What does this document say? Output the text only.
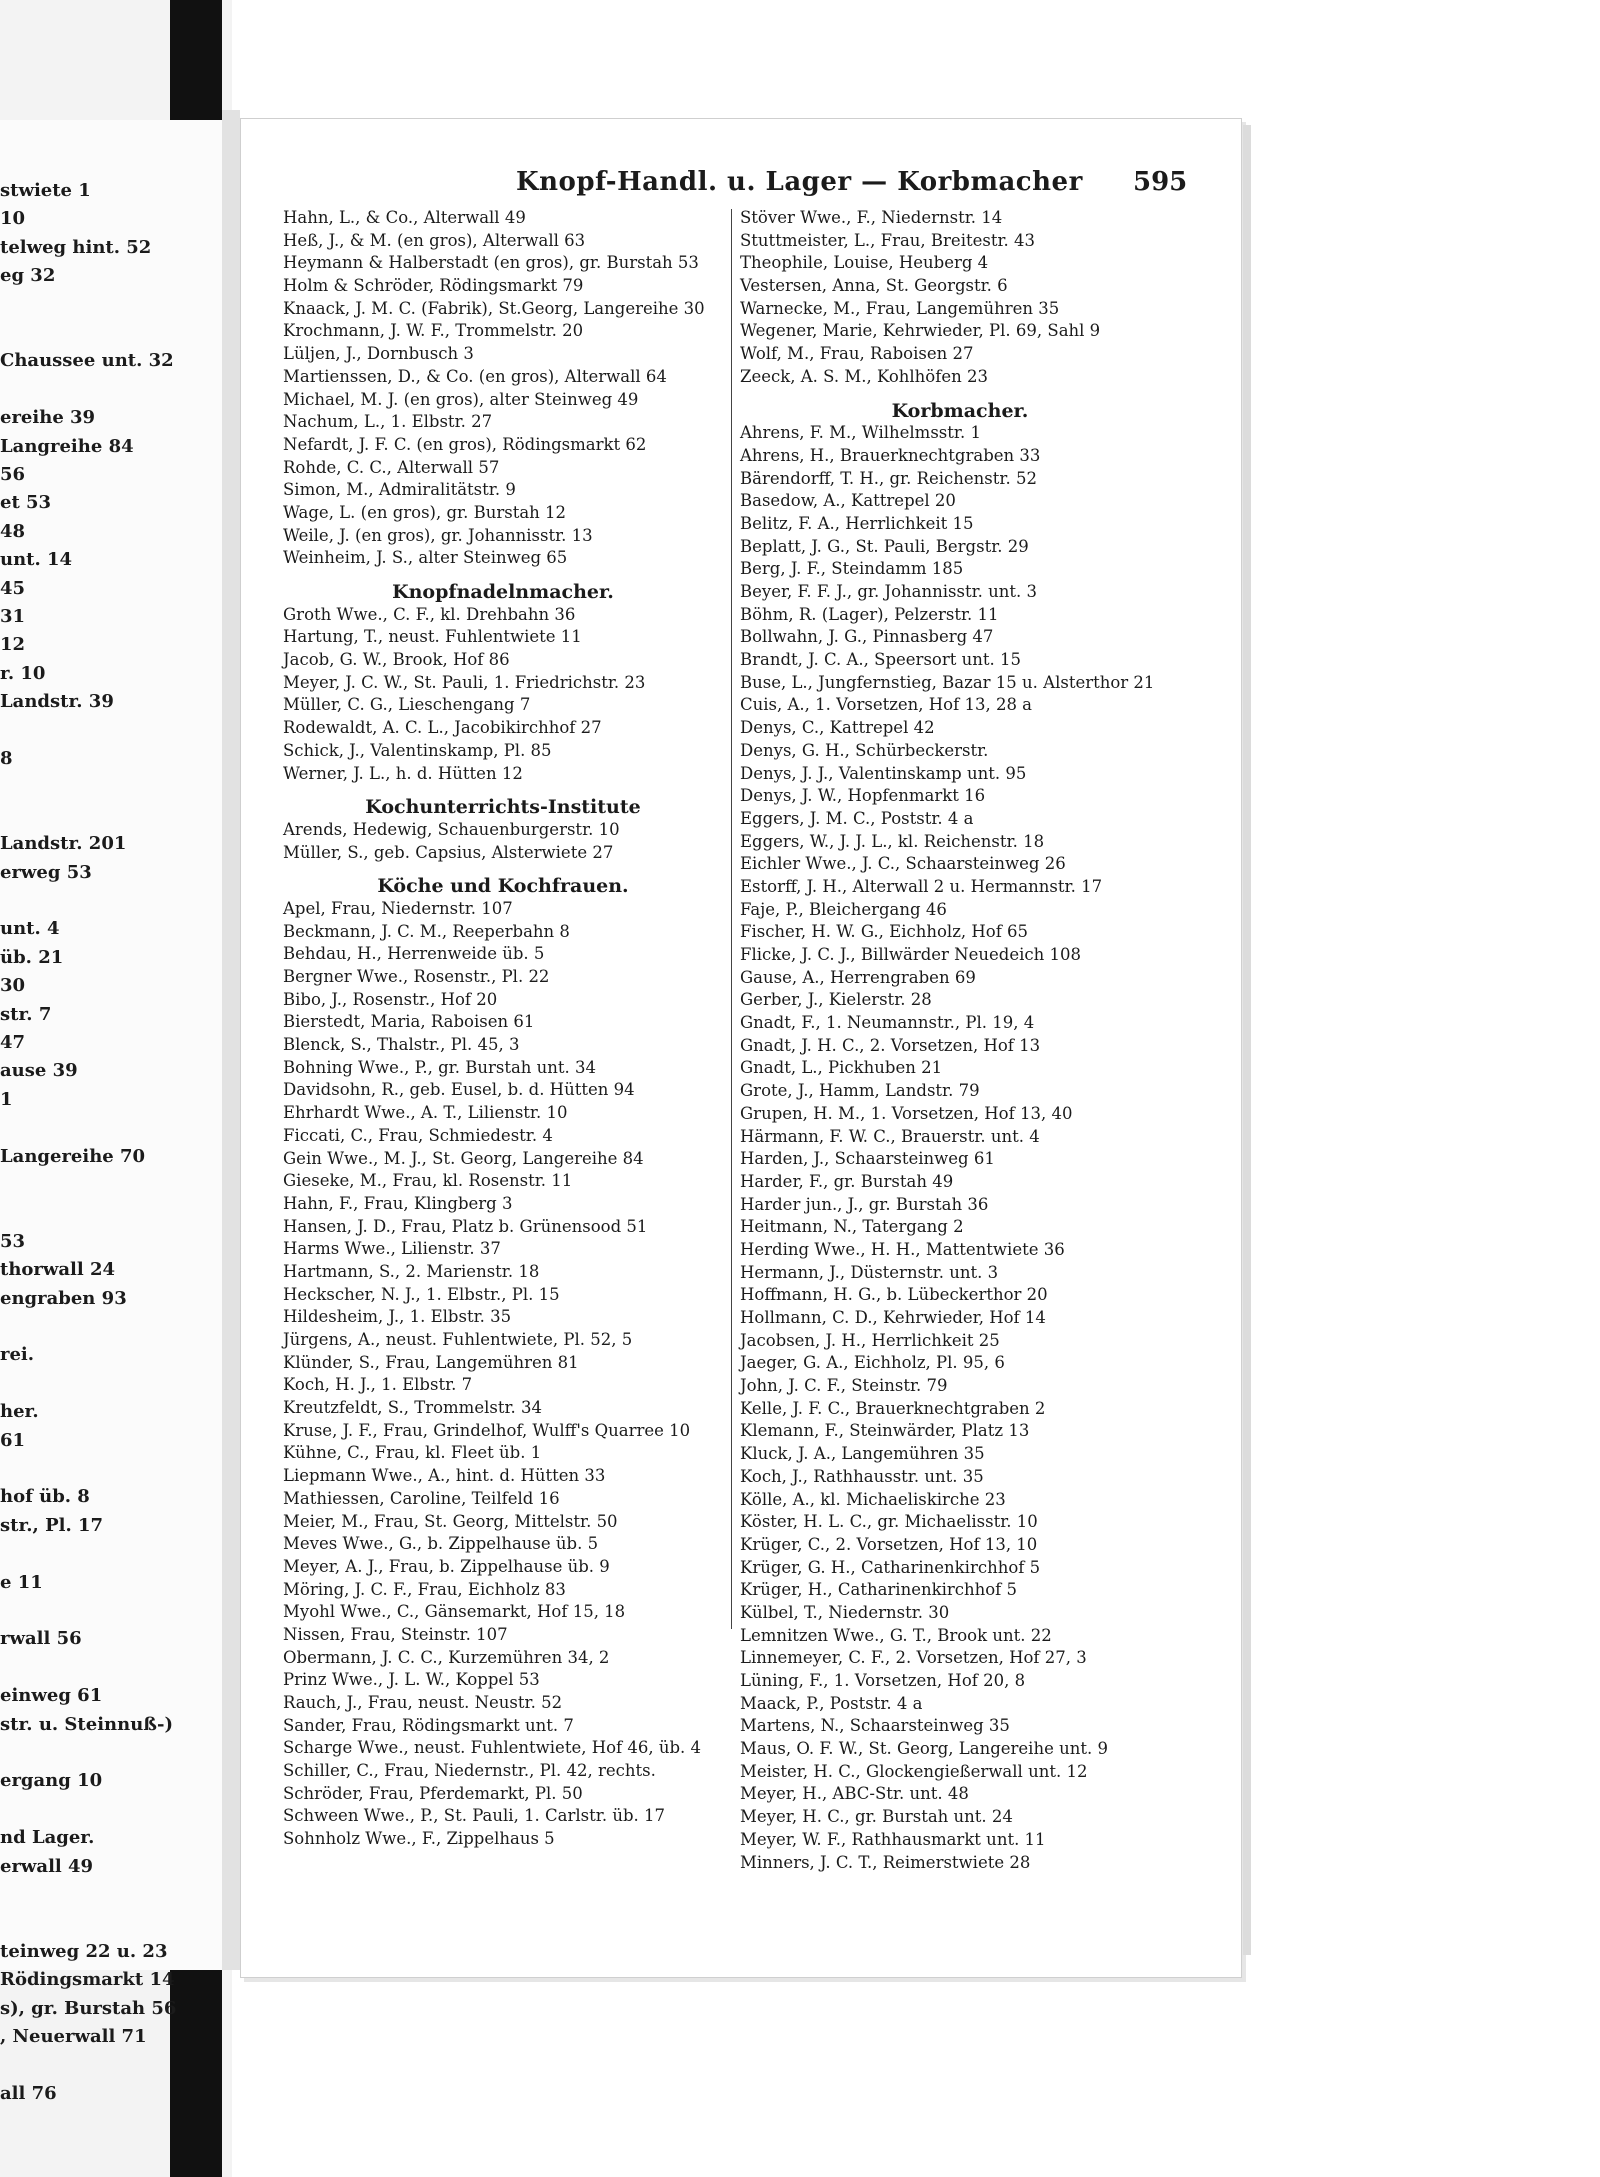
stwiete 1
10
telweg hint. 52
eg 32
Chaussee unt. 32
ereihe 39
Langreihe 84
56
et 53
48
unt. 14
45
31
12
r. 10
Landstr. 39
8
Landstr. 201
erweg 53
unt. 4
üb. 21
30
str. 7
47
ause 39
1
Langereihe 70
53
thorwall 24
engraben 93
rei.
her.
61
hof üb. 8
str., Pl. 17
e 11
rwall 56
einweg 61
str. u. Steinnuß-)
ergang 10
nd Lager.
erwall 49
teinweg 22 u. 23
Rödingsmarkt 14
s), gr. Burstah 56
, Neuerwall 71
all 76
Knopf-Handl. u. Lager — Korbmacher 595
Hahn, L., & Co., Alterwall 49
Heß, J., & M. (en gros), Alterwall 63
Heymann & Halberstadt (en gros), gr. Burstah 53
Holm & Schröder, Rödingsmarkt 79
Knaack, J. M. C. (Fabrik), St.Georg, Langereihe 30
Krochmann, J. W. F., Trommelstr. 20
Lüljen, J., Dornbusch 3
Martienssen, D., & Co. (en gros), Alterwall 64
Michael, M. J. (en gros), alter Steinweg 49
Nachum, L., 1. Elbstr. 27
Nefardt, J. F. C. (en gros), Rödingsmarkt 62
Rohde, C. C., Alterwall 57
Simon, M., Admiralitätstr. 9
Wage, L. (en gros), gr. Burstah 12
Weile, J. (en gros), gr. Johannisstr. 13
Weinheim, J. S., alter Steinweg 65
Knopfnadelnmacher.
Groth Wwe., C. F., kl. Drehbahn 36
Hartung, T., neust. Fuhlentwiete 11
Jacob, G. W., Brook, Hof 86
Meyer, J. C. W., St. Pauli, 1. Friedrichstr. 23
Müller, C. G., Lieschengang 7
Rodewaldt, A. C. L., Jacobikirchhof 27
Schick, J., Valentinskamp, Pl. 85
Werner, J. L., h. d. Hütten 12
Kochunterrichts-Institute
Arends, Hedewig, Schauenburgerstr. 10
Müller, S., geb. Capsius, Alsterwiete 27
Köche und Kochfrauen.
Apel, Frau, Niedernstr. 107
Beckmann, J. C. M., Reeperbahn 8
Behdau, H., Herrenweide üb. 5
Bergner Wwe., Rosenstr., Pl. 22
Bibo, J., Rosenstr., Hof 20
Bierstedt, Maria, Raboisen 61
Blenck, S., Thalstr., Pl. 45, 3
Bohning Wwe., P., gr. Burstah unt. 34
Davidsohn, R., geb. Eusel, b. d. Hütten 94
Ehrhardt Wwe., A. T., Lilienstr. 10
Ficcati, C., Frau, Schmiedestr. 4
Gein Wwe., M. J., St. Georg, Langereihe 84
Gieseke, M., Frau, kl. Rosenstr. 11
Hahn, F., Frau, Klingberg 3
Hansen, J. D., Frau, Platz b. Grünensood 51
Harms Wwe., Lilienstr. 37
Hartmann, S., 2. Marienstr. 18
Heckscher, N. J., 1. Elbstr., Pl. 15
Hildesheim, J., 1. Elbstr. 35
Jürgens, A., neust. Fuhlentwiete, Pl. 52, 5
Klünder, S., Frau, Langemühren 81
Koch, H. J., 1. Elbstr. 7
Kreutzfeldt, S., Trommelstr. 34
Kruse, J. F., Frau, Grindelhof, Wulff's Quarree 10
Kühne, C., Frau, kl. Fleet üb. 1
Liepmann Wwe., A., hint. d. Hütten 33
Mathiessen, Caroline, Teilfeld 16
Meier, M., Frau, St. Georg, Mittelstr. 50
Meves Wwe., G., b. Zippelhause üb. 5
Meyer, A. J., Frau, b. Zippelhause üb. 9
Möring, J. C. F., Frau, Eichholz 83
Myohl Wwe., C., Gänsemarkt, Hof 15, 18
Nissen, Frau, Steinstr. 107
Obermann, J. C. C., Kurzemühren 34, 2
Prinz Wwe., J. L. W., Koppel 53
Rauch, J., Frau, neust. Neustr. 52
Sander, Frau, Rödingsmarkt unt. 7
Scharge Wwe., neust. Fuhlentwiete, Hof 46, üb. 4
Schiller, C., Frau, Niedernstr., Pl. 42, rechts.
Schröder, Frau, Pferdemarkt, Pl. 50
Schween Wwe., P., St. Pauli, 1. Carlstr. üb. 17
Sohnholz Wwe., F., Zippelhaus 5
Stöver Wwe., F., Niedernstr. 14
Stuttmeister, L., Frau, Breitestr. 43
Theophile, Louise, Heuberg 4
Vestersen, Anna, St. Georgstr. 6
Warnecke, M., Frau, Langemühren 35
Wegener, Marie, Kehrwieder, Pl. 69, Sahl 9
Wolf, M., Frau, Raboisen 27
Zeeck, A. S. M., Kohlhöfen 23
Korbmacher.
Ahrens, F. M., Wilhelmsstr. 1
Ahrens, H., Brauerknechtgraben 33
Bärendorff, T. H., gr. Reichenstr. 52
Basedow, A., Kattrepel 20
Belitz, F. A., Herrlichkeit 15
Beplatt, J. G., St. Pauli, Bergstr. 29
Berg, J. F., Steindamm 185
Beyer, F. F. J., gr. Johannisstr. unt. 3
Böhm, R. (Lager), Pelzerstr. 11
Bollwahn, J. G., Pinnasberg 47
Brandt, J. C. A., Speersort unt. 15
Buse, L., Jungfernstieg, Bazar 15 u. Alsterthor 21
Cuis, A., 1. Vorsetzen, Hof 13, 28 a
Denys, C., Kattrepel 42
Denys, G. H., Schürbeckerstr.
Denys, J. J., Valentinskamp unt. 95
Denys, J. W., Hopfenmarkt 16
Eggers, J. M. C., Poststr. 4 a
Eggers, W., J. J. L., kl. Reichenstr. 18
Eichler Wwe., J. C., Schaarsteinweg 26
Estorff, J. H., Alterwall 2 u. Hermannstr. 17
Faje, P., Bleichergang 46
Fischer, H. W. G., Eichholz, Hof 65
Flicke, J. C. J., Billwärder Neuedeich 108
Gause, A., Herrengraben 69
Gerber, J., Kielerstr. 28
Gnadt, F., 1. Neumannstr., Pl. 19, 4
Gnadt, J. H. C., 2. Vorsetzen, Hof 13
Gnadt, L., Pickhuben 21
Grote, J., Hamm, Landstr. 79
Grupen, H. M., 1. Vorsetzen, Hof 13, 40
Härmann, F. W. C., Brauerstr. unt. 4
Harden, J., Schaarsteinweg 61
Harder, F., gr. Burstah 49
Harder jun., J., gr. Burstah 36
Heitmann, N., Tatergang 2
Herding Wwe., H. H., Mattentwiete 36
Hermann, J., Düsternstr. unt. 3
Hoffmann, H. G., b. Lübeckerthor 20
Hollmann, C. D., Kehrwieder, Hof 14
Jacobsen, J. H., Herrlichkeit 25
Jaeger, G. A., Eichholz, Pl. 95, 6
John, J. C. F., Steinstr. 79
Kelle, J. F. C., Brauerknechtgraben 2
Klemann, F., Steinwärder, Platz 13
Kluck, J. A., Langemühren 35
Koch, J., Rathhausstr. unt. 35
Kölle, A., kl. Michaeliskirche 23
Köster, H. L. C., gr. Michaelisstr. 10
Krüger, C., 2. Vorsetzen, Hof 13, 10
Krüger, G. H., Catharinenkirchhof 5
Krüger, H., Catharinenkirchhof 5
Külbel, T., Niedernstr. 30
Lemnitzen Wwe., G. T., Brook unt. 22
Linnemeyer, C. F., 2. Vorsetzen, Hof 27, 3
Lüning, F., 1. Vorsetzen, Hof 20, 8
Maack, P., Poststr. 4 a
Martens, N., Schaarsteinweg 35
Maus, O. F. W., St. Georg, Langereihe unt. 9
Meister, H. C., Glockengießerwall unt. 12
Meyer, H., ABC-Str. unt. 48
Meyer, H. C., gr. Burstah unt. 24
Meyer, W. F., Rathhausmarkt unt. 11
Minners, J. C. T., Reimerstwiete 28
